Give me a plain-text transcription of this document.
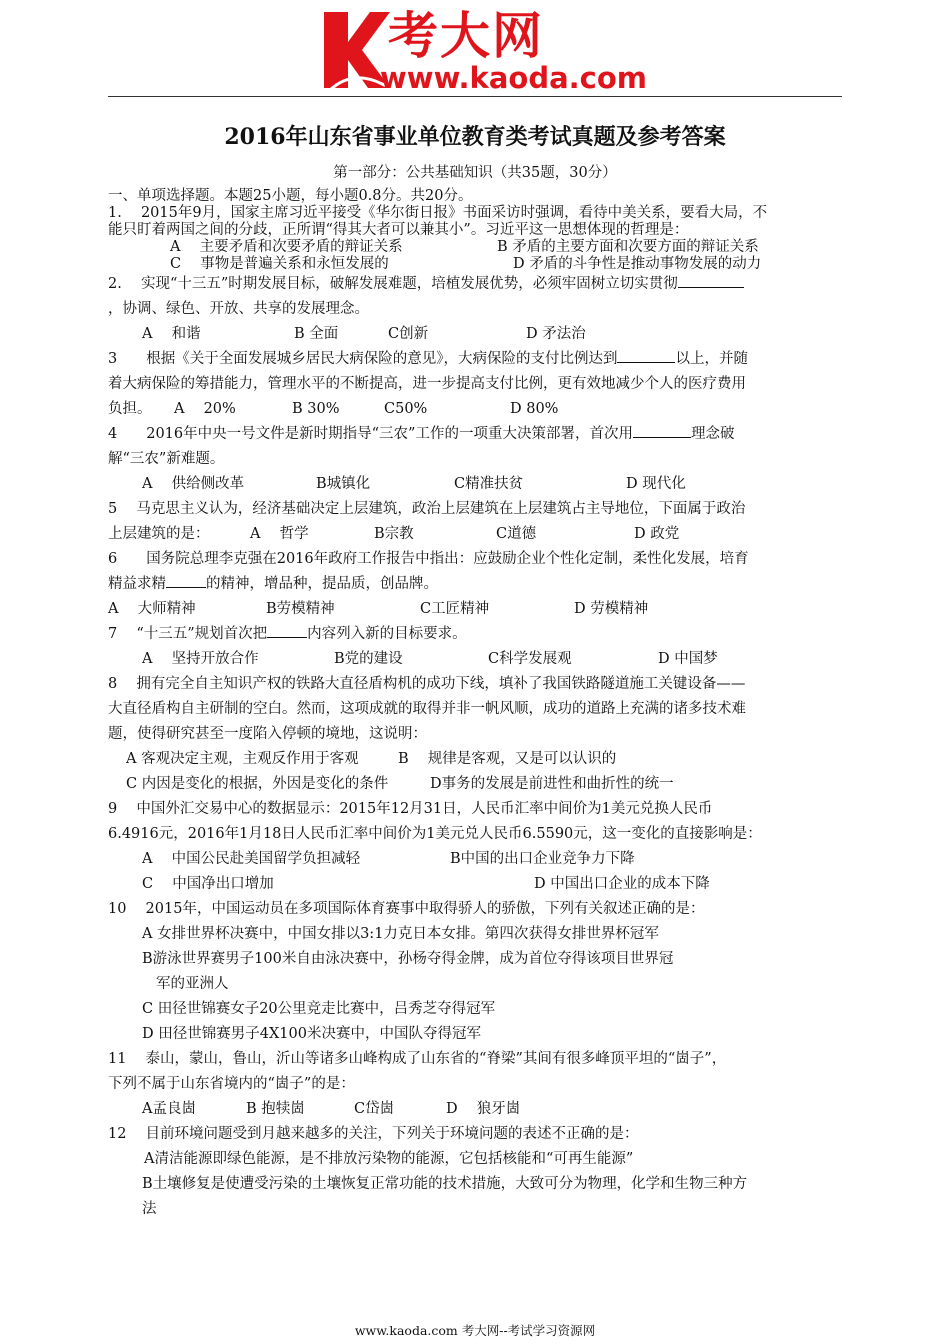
考大网
www.kaoda.com
2016年山东省事业单位教育类考试真题及参考答案
第一部分：公共基础知识（共35题，30分）
一、单项选择题。本题25小题，每小题0.8分。共20分。
1.　 2015年9月，国家主席习近平接受《华尔街日报》书面采访时强调，看待中美关系，要看大局，不
能只盯着两国之间的分歧，正所谓“得其大者可以兼其小”。习近平这一思想体现的哲理是：
A　 主要矛盾和次要矛盾的辩证关系	B 矛盾的主要方面和次要方面的辩证关系
C　 事物是普遍关系和永恒发展的	D 矛盾的斗争性是推动事物发展的动力
2.　 实现“十三五”时期发展目标，破解发展难题，培植发展优势，必须牢固树立切实贯彻
，协调、绿色、开放、共享的发展理念。
A　 和谐	B 全面	C创新	D 矛法治
3　　根据《关于全面发展城乡居民大病保险的意见》，大病保险的支付比例达到	以上，并随
着大病保险的筹措能力，管理水平的不断提高，进一步提高支付比例，更有效地减少个人的医疗费用
负担。 A　 20%	B 30%	C50%	D 80%
4　　2016年中央一号文件是新时期指导“三农”工作的一项重大决策部署，首次用	理念破
解“三农”新难题。
A　 供给侧改革	B城镇化	C精准扶贫	D 现代化
5　 马克思主义认为，经济基础决定上层建筑，政治上层建筑在上层建筑占主导地位，下面属于政治
上层建筑的是：	A　 哲学	B宗教	C道德	D 政党
6　　国务院总理李克强在2016年政府工作报告中指出：应鼓励企业个性化定制，柔性化发展，培育
精益求精	的精神，增品种，提品质，创品牌。
A　 大师精神	B劳模精神	C工匠精神	D 劳模精神
7　 “十三五”规划首次把	内容列入新的目标要求。
A　 坚持开放合作	B党的建设	C科学发展观	D 中国梦
8　 拥有完全自主知识产权的铁路大直径盾构机的成功下线，填补了我国铁路隧道施工关键设备——
大直径盾构自主研制的空白。然而，这项成就的取得并非一帆风顺，成功的道路上充满的诸多技术难
题，使得研究甚至一度陷入停顿的境地，这说明：
A 客观决定主观，主观反作用于客观	B　 规律是客观，又是可以认识的
C 内因是变化的根据，外因是变化的条件	D事务的发展是前进性和曲折性的统一
9　 中国外汇交易中心的数据显示：2015年12月31日，人民币汇率中间价为1美元兑换人民币
6.4916元，2016年1月18日人民币汇率中间价为1美元兑人民币6.5590元，这一变化的直接影响是：
A　 中国公民赴美国留学负担减轻	B中国的出口企业竞争力下降
C　 中国净出口增加	D 中国出口企业的成本下降
10　 2015年，中国运动员在多项国际体育赛事中取得骄人的骄傲，下列有关叙述正确的是：
A 女排世界杯决赛中，中国女排以3:1力克日本女排。第四次获得女排世界杯冠军
B游泳世界赛男子100米自由泳决赛中，孙杨夺得金牌，成为首位夺得该项目世界冠
军的亚洲人
C 田径世锦赛女子20公里竞走比赛中，吕秀芝夺得冠军
D 田径世锦赛男子4X100米决赛中，中国队夺得冠军
11　 泰山，蒙山，鲁山，沂山等诸多山峰构成了山东省的“脊梁”其间有很多峰顶平坦的“崮子”，
下列不属于山东省境内的“崮子”的是：
A孟良崮	B 抱犊崮	C岱崮	D　 狼牙崮
12　 目前环境问题受到月越来越多的关注，下列关于环境问题的表述不正确的是：
A清洁能源即绿色能源，是不排放污染物的能源，它包括核能和“可再生能源”
B土壤修复是使遭受污染的土壤恢复正常功能的技术措施，大致可分为物理，化学和生物三种方
法
www.kaoda.com 考大网--考试学习资源网
